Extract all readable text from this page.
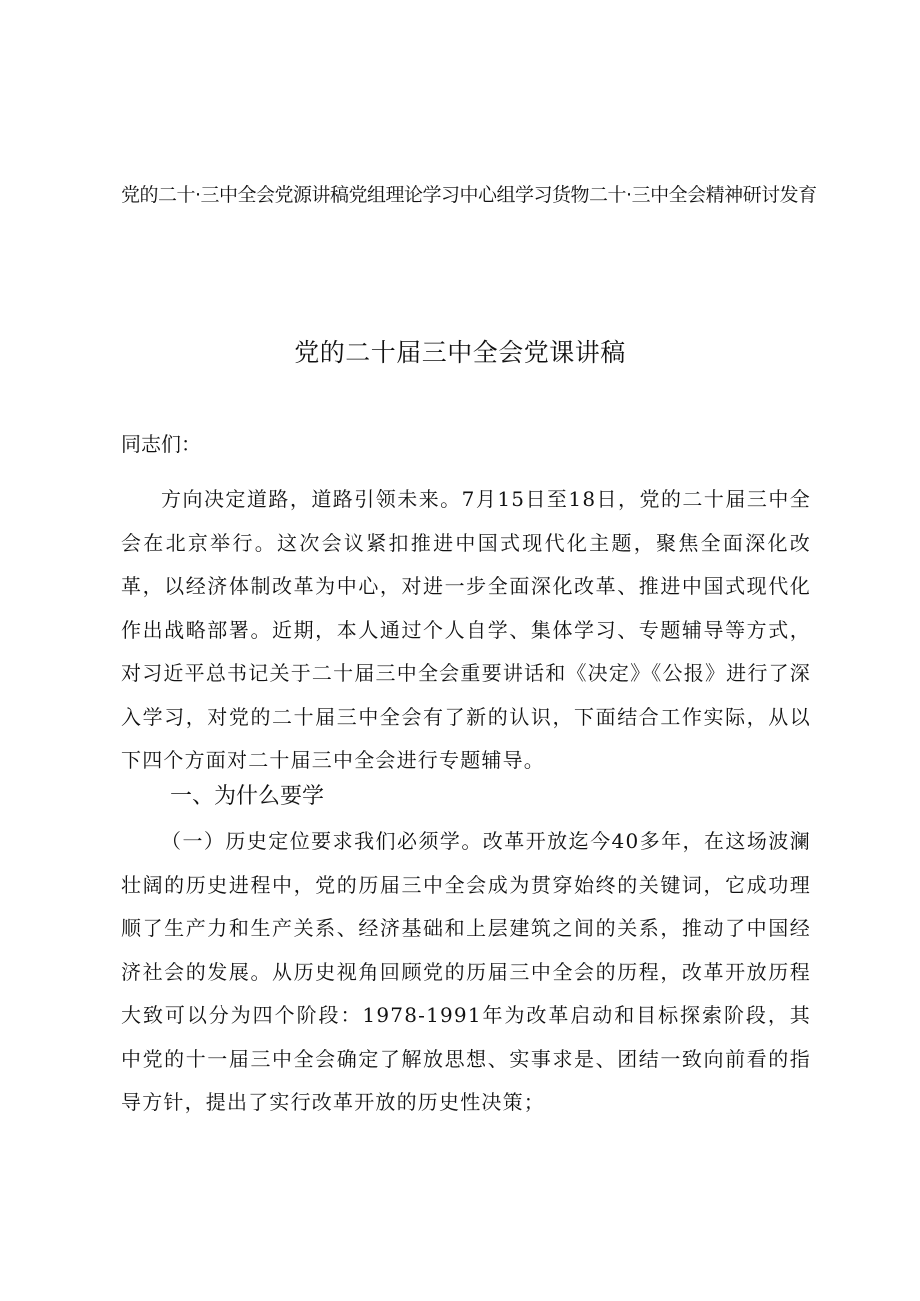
党的二十·三中全会党源讲稿党组理论学习中心组学习货物二十·三中全会精神研讨发育
党的二十届三中全会党课讲稿
同志们：

方向决定道路，道路引领未来。7月15日至18日，党的二十届三中全会在北京举行。这次会议紧扣推进中国式现代化主题，聚焦全面深化改革，以经济体制改革为中心，对进一步全面深化改革、推进中国式现代化作出战略部署。近期，本人通过个人自学、集体学习、专题辅导等方式，对习近平总书记关于二十届三中全会重要讲话和《决定》《公报》进行了深入学习，对党的二十届三中全会有了新的认识，下面结合工作实际，从以下四个方面对二十届三中全会进行专题辅导。

一、为什么要学

（一）历史定位要求我们必须学。改革开放迄今40多年，在这场波澜壮阔的历史进程中，党的历届三中全会成为贯穿始终的关键词，它成功理顺了生产力和生产关系、经济基础和上层建筑之间的关系，推动了中国经济社会的发展。从历史视角回顾党的历届三中全会的历程，改革开放历程大致可以分为四个阶段：1978-1991年为改革启动和目标探索阶段，其中党的十一届三中全会确定了解放思想、实事求是、团结一致向前看的指导方针，提出了实行改革开放的历史性决策；
